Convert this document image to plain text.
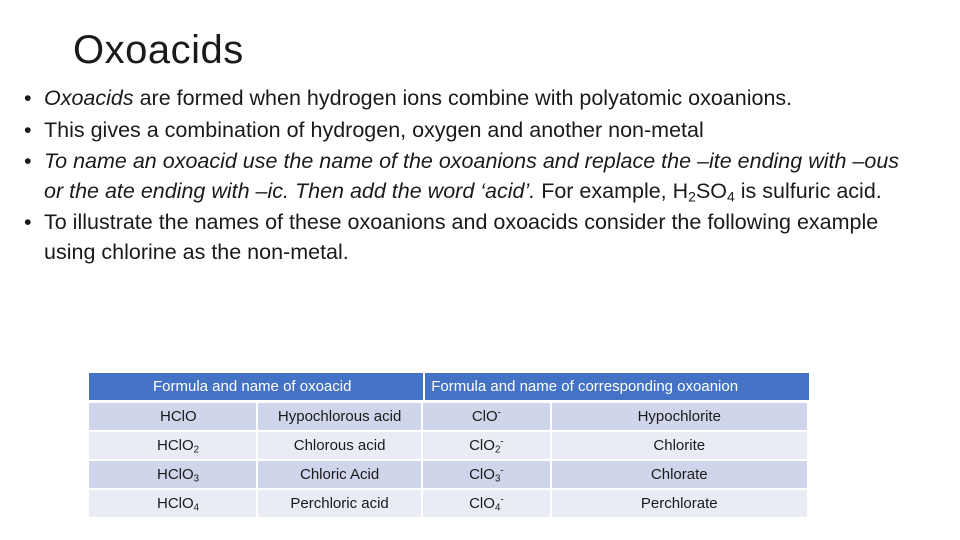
Oxoacids
• Oxoacids are formed when hydrogen ions combine with polyatomic oxoanions.
• This gives a combination of hydrogen, oxygen and another non-metal
• To name an oxoacid use the name of the oxoanions and replace the –ite ending with –ous or the ate ending with –ic. Then add the word ‘acid’. For example, $H_2SO_4$ is sulfuric acid.
• To illustrate the names of these oxoanions and oxoacids consider the following example using chlorine as the non-metal.
Formula and name of oxoacid		Formula and name of corresponding oxoanion	
HClO	Hypochlorous acid	ClO-	Hypochlorite
HClO$_2$	Chlorous acid	ClO$_2$-	Chlorite
HClO$_3$	Chloric Acid	ClO$_3$-	Chlorate
HClO$_4$	Perchloric acid	ClO$_4$-	Perchlorate
